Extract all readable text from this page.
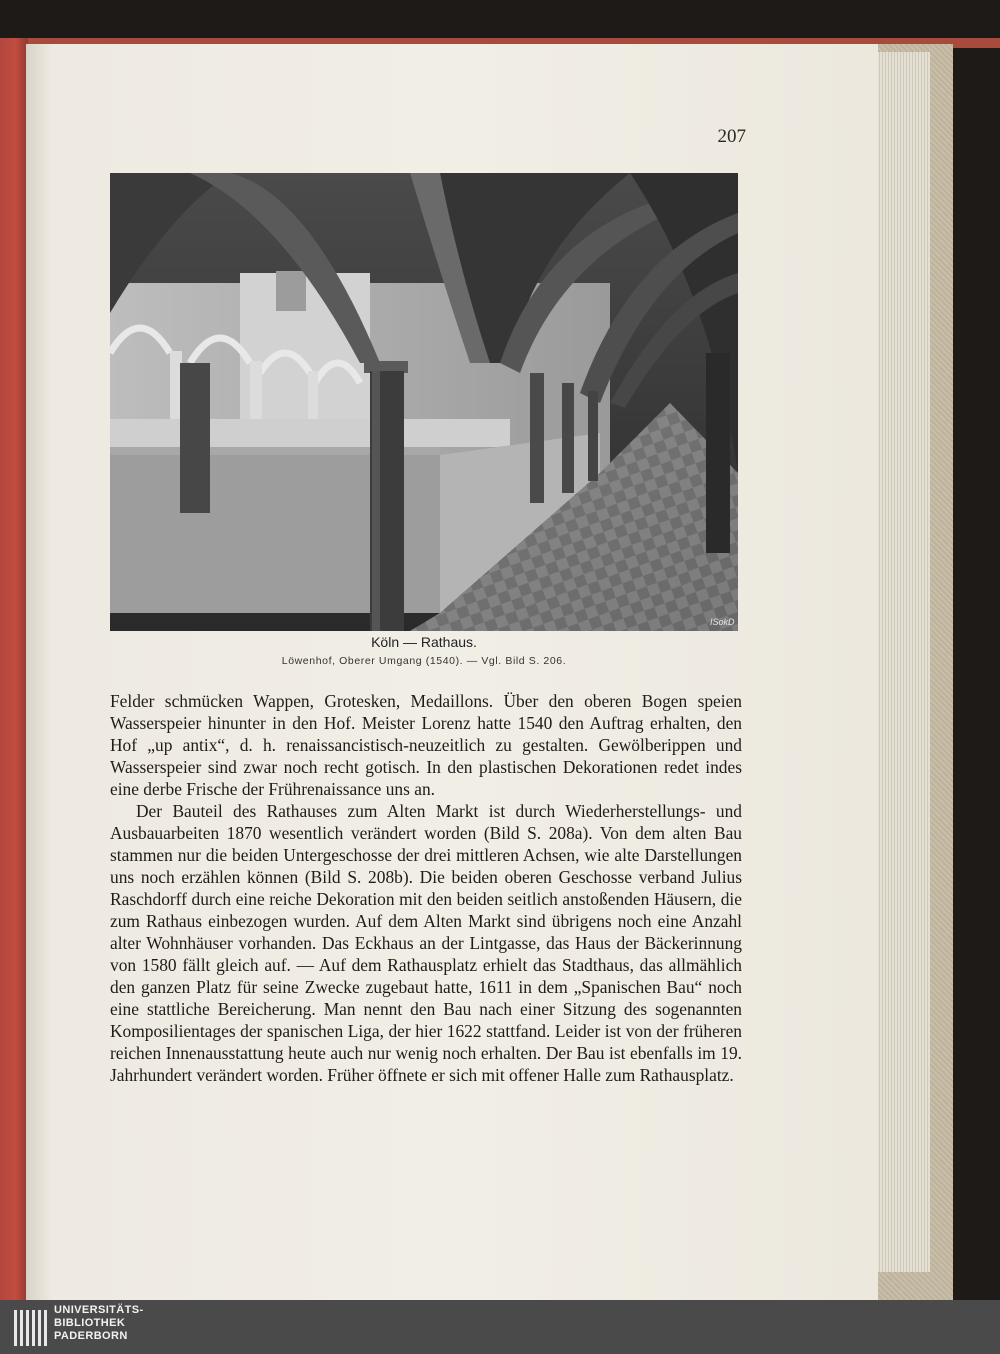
207
ISokD
Köln — Rathaus.
Löwenhof, Oberer Umgang (1540). — Vgl. Bild S. 206.

Felder schmücken Wappen, Grotesken, Medaillons. Über den oberen Bogen speien Wasserspeier hinunter in den Hof. Meister Lorenz hatte 1540 den Auftrag erhalten, den Hof „up antix“, d. h. renaissancistisch-neuzeitlich zu gestalten. Gewölberippen und Wasserspeier sind zwar noch recht gotisch. In den plastischen Dekorationen redet indes eine derbe Frische der Frührenaissance uns an.

Der Bauteil des Rathauses zum Alten Markt ist durch Wiederherstellungs- und Ausbauarbeiten 1870 wesentlich verändert worden (Bild S. 208a). Von dem alten Bau stammen nur die beiden Untergeschosse der drei mittleren Achsen, wie alte Darstellungen uns noch erzählen können (Bild S. 208b). Die beiden oberen Geschosse verband Julius Raschdorff durch eine reiche Dekoration mit den beiden seitlich anstoßenden Häusern, die zum Rathaus einbezogen wurden. Auf dem Alten Markt sind übrigens noch eine Anzahl alter Wohnhäuser vorhanden. Das Eckhaus an der Lintgasse, das Haus der Bäckerinnung von 1580 fällt gleich auf. — Auf dem Rathausplatz erhielt das Stadthaus, das allmählich den ganzen Platz für seine Zwecke zugebaut hatte, 1611 in dem „Spanischen Bau“ noch eine stattliche Bereicherung. Man nennt den Bau nach einer Sitzung des sogenannten Komposilientages der spanischen Liga, der hier 1622 stattfand. Leider ist von der früheren reichen Innenausstattung heute auch nur wenig noch erhalten. Der Bau ist ebenfalls im 19. Jahrhundert verändert worden. Früher öffnete er sich mit offener Halle zum Rathausplatz.

UNIVERSITÄTS-
BIBLIOTHEK
PADERBORN
